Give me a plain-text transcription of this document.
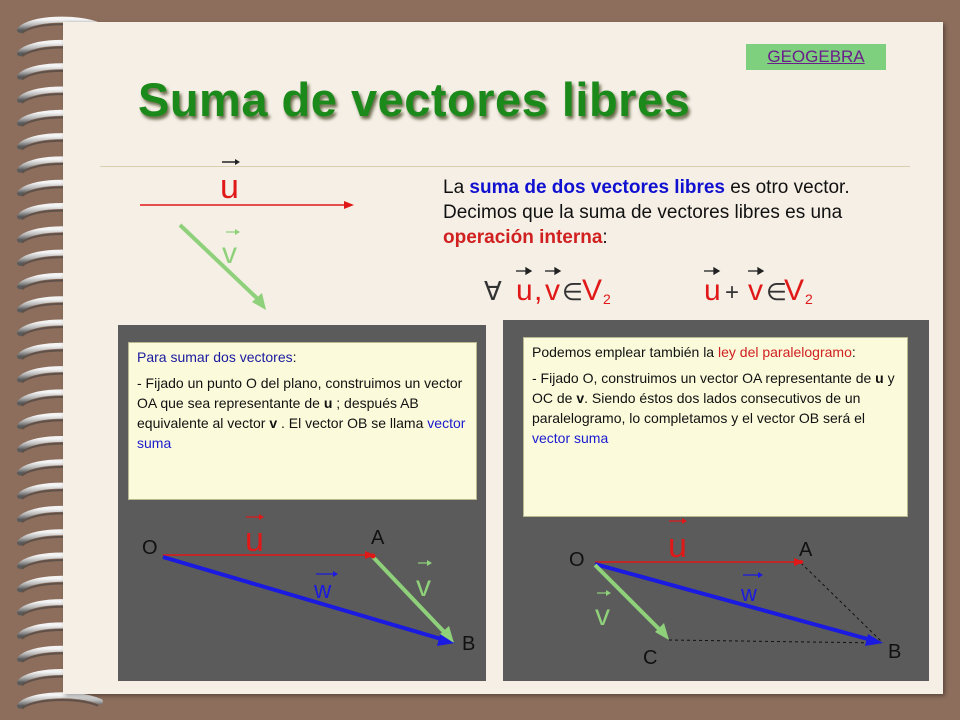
Suma de vectores libres
GEOGEBRA
u
v

La suma de dos vectores libres es otro vector. Decimos que la suma de vectores libres es una operación interna:

∀ u , v ∈ V 2	u + v ∈
V 2

Para sumar dos vectores:

- Fijado un punto O del plano, construimos un vector OA que sea representante de u ; después AB equivalente al vector v . El vector OB se llama vector suma

O	A
B
u
v
w

Podemos emplear también la ley del paralelogramo:

- Fijado O, construimos un vector OA representante de u y OC de v. Siendo éstos dos lados consecutivos de un paralelogramo, lo completamos y el vector OB será el vector suma

O	A
B
C
u
v
w
